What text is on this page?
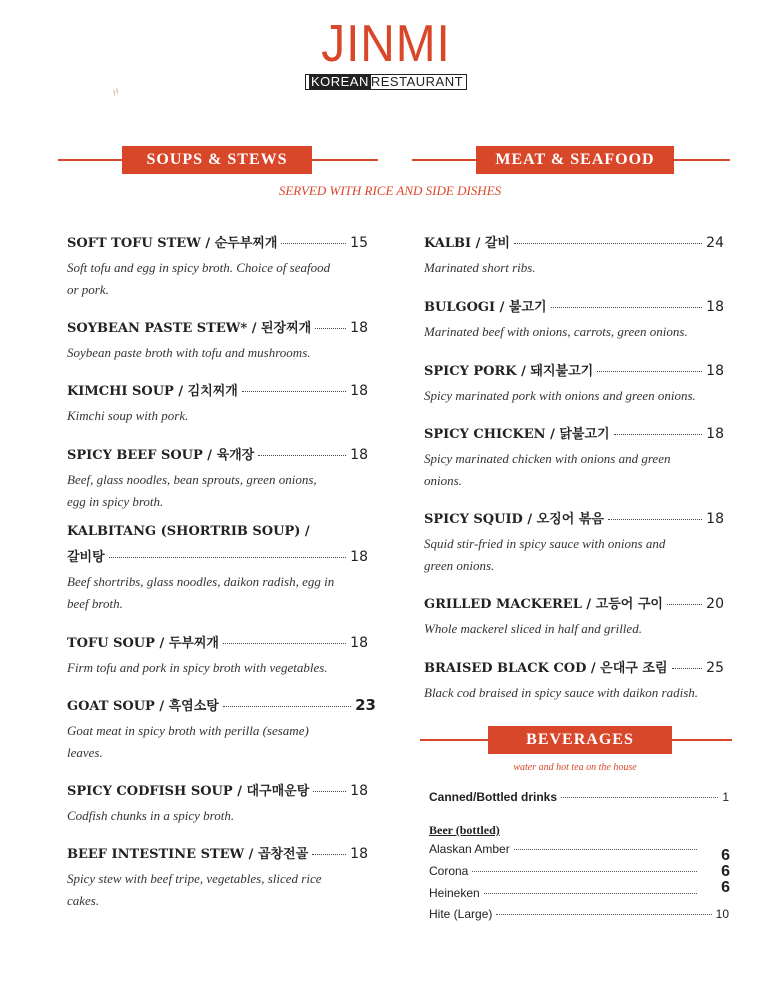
JINMI
KOREAN RESTAURANT
〃
SOUPS & STEWS	MEAT & SEAFOOD
SERVED WITH RICE AND SIDE DISHES
SOFT TOFU STEW / 순두부찌개	15
Soft tofu and egg in spicy broth. Choice of seafood
or pork.
SOYBEAN PASTE STEW* / 된장찌개	18
Soybean paste broth with tofu and mushrooms.
KIMCHI SOUP / 김치찌개	18
Kimchi soup with pork.
SPICY BEEF SOUP / 육개장	18
Beef, glass noodles, bean sprouts, green onions,
egg in spicy broth.
KALBITANG (SHORTRIB SOUP) /
갈비탕	18
Beef shortribs, glass noodles, daikon radish, egg in
beef broth.
TOFU SOUP / 두부찌개	18
Firm tofu and pork in spicy broth with vegetables.
GOAT SOUP / 흑염소탕	23
Goat meat in spicy broth with perilla (sesame)
leaves.
SPICY CODFISH SOUP / 대구매운탕	18
Codfish chunks in a spicy broth.
BEEF INTESTINE STEW / 곱창전골	18
Spicy stew with beef tripe, vegetables, sliced rice
cakes.
KALBI / 갈비	24
Marinated short ribs.
BULGOGI / 불고기	18
Marinated beef with onions, carrots, green onions.
SPICY PORK / 돼지불고기	18
Spicy marinated pork with onions and green onions.
SPICY CHICKEN / 닭불고기	18
Spicy marinated chicken with onions and green
onions.
SPICY SQUID / 오징어 볶음	18
Squid stir-fried in spicy sauce with onions and
green onions.
GRILLED MACKEREL / 고등어 구이	20
Whole mackerel sliced in half and grilled.
BRAISED BLACK COD / 은대구 조림	25
Black cod braised in spicy sauce with daikon radish.
BEVERAGES
water and hot tea on the house
Canned/Bottled drinks	1
Beer (bottled)
Alaskan Amber	6
Corona	6
Heineken	6
Hite (Large)	10
